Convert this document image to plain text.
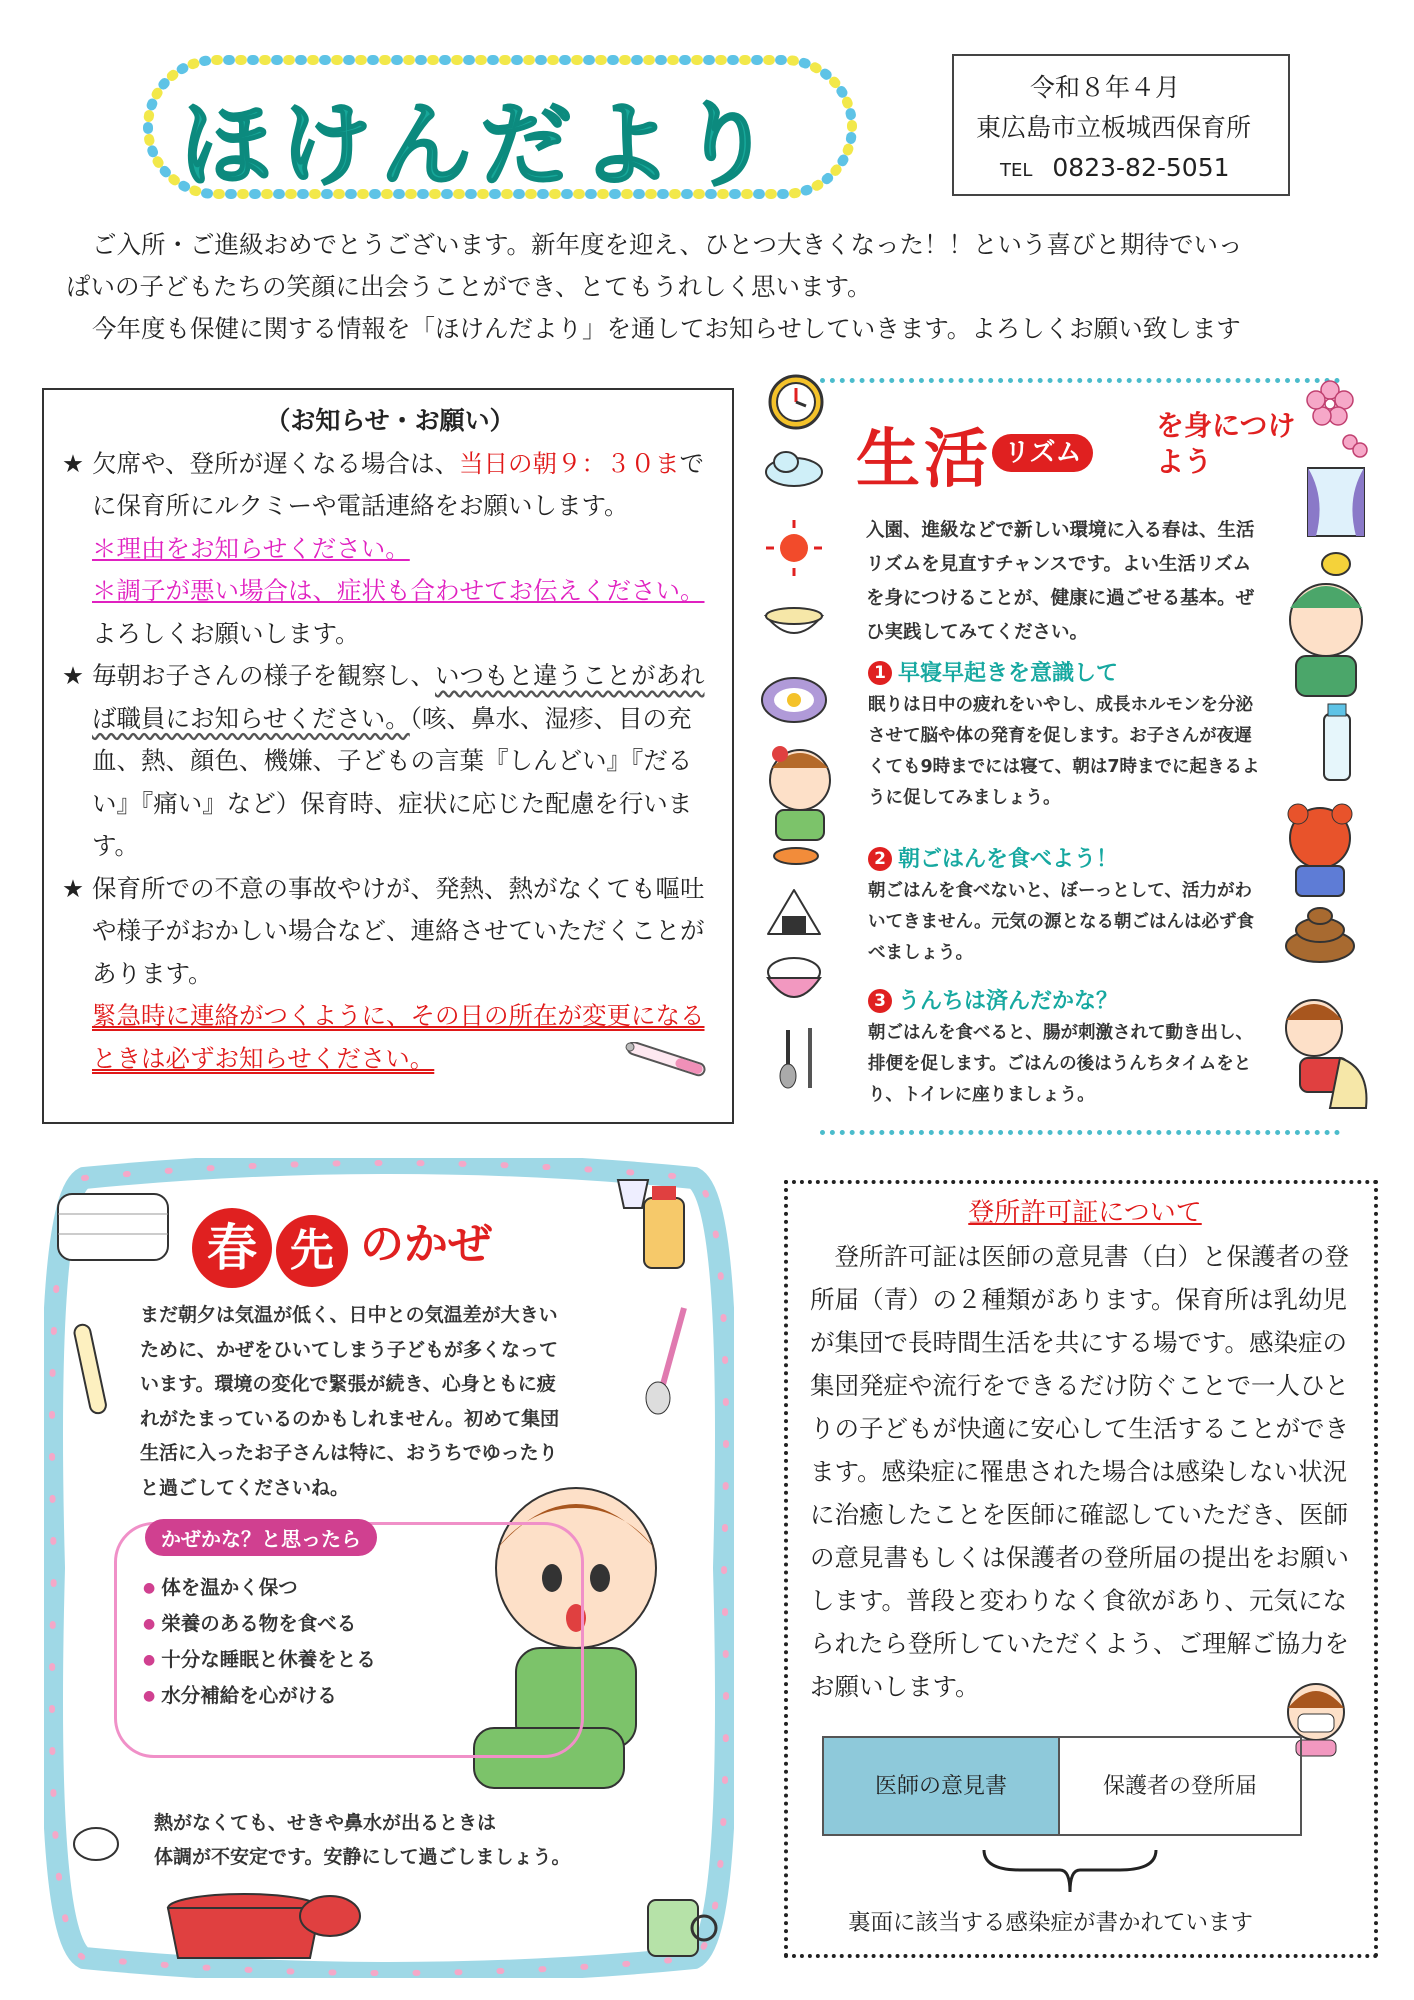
ほけんだより
令和８年４月
東広島市立板城西保育所
TEL 0823-82-5051

ご入所・ご進級おめでとうございます。新年度を迎え、ひとつ大きくなった！！という喜びと期待でいっ

ぱいの子どもたちの笑顔に出会うことができ、とてもうれしく思います。

今年度も保健に関する情報を「ほけんだより」を通してお知らせしていきます。よろしくお願い致します

（お知らせ・お願い）
★ 欠席や、登所が遅くなる場合は、当日の朝９：３０までに保育所にルクミーや電話連絡をお願いします。
＊理由をお知らせください。
＊調子が悪い場合は、症状も合わせてお伝えください。
よろしくお願いします。
★ 毎朝お子さんの様子を観察し、いつもと違うことがあれば職員にお知らせください。（咳、鼻水、湿疹、目の充血、熱、顔色、機嫌、子どもの言葉『しんどい』『だるい』『痛い』など）保育時、症状に応じた配慮を行います。
★ 保育所での不意の事故やけが、発熱、熱がなくても嘔吐や様子がおかしい場合など、連絡させていただくことがあります。
緊急時に連絡がつくように、その日の所在が変更になるときは必ずお知らせください。
生活 リズム
を身につけよう
入園、進級などで新しい環境に入る春は、生活リズムを見直すチャンスです。よい生活リズムを身につけることが、健康に過ごせる基本。ぜひ実践してみてください。
1 早寝早起きを意識して
眠りは日中の疲れをいやし、成長ホルモンを分泌させて脳や体の発育を促します。お子さんが夜遅くても9時までには寝て、朝は7時までに起きるように促してみましょう。
2 朝ごはんを食べよう！
朝ごはんを食べないと、ぼーっとして、活力がわいてきません。元気の源となる朝ごはんは必ず食べましょう。
3 うんちは済んだかな？
朝ごはんを食べると、腸が刺激されて動き出し、排便を促します。ごはんの後はうんちタイムをとり、トイレに座りましょう。
春 先 のかぜ
まだ朝夕は気温が低く、日中との気温差が大きい
ために、かぜをひいてしまう子どもが多くなって
います。環境の変化で緊張が続き、心身ともに疲
れがたまっているのかもしれません。初めて集団
生活に入ったお子さんは特に、おうちでゆったり
と過ごしてくださいね。
かぜかな？と思ったら
● 体を温かく保つ
● 栄養のある物を食べる
● 十分な睡眠と休養をとる
● 水分補給を心がける
熱がなくても、せきや鼻水が出るときは
体調が不安定です。安静にして過ごしましょう。
登所許可証について
　登所許可証は医師の意見書（白）と保護者の登所届（青）の２種類があります。保育所は乳幼児が集団で長時間生活を共にする場です。感染症の集団発症や流行をできるだけ防ぐことで一人ひとりの子どもが快適に安心して生活することができます。感染症に罹患された場合は感染しない状況に治癒したことを医師に確認していただき、医師の意見書もしくは保護者の登所届の提出をお願いします。普段と変わりなく食欲があり、元気になられたら登所していただくよう、ご理解ご協力をお願いします。
医師の意見書	保護者の登所届
裏面に該当する感染症が書かれています
